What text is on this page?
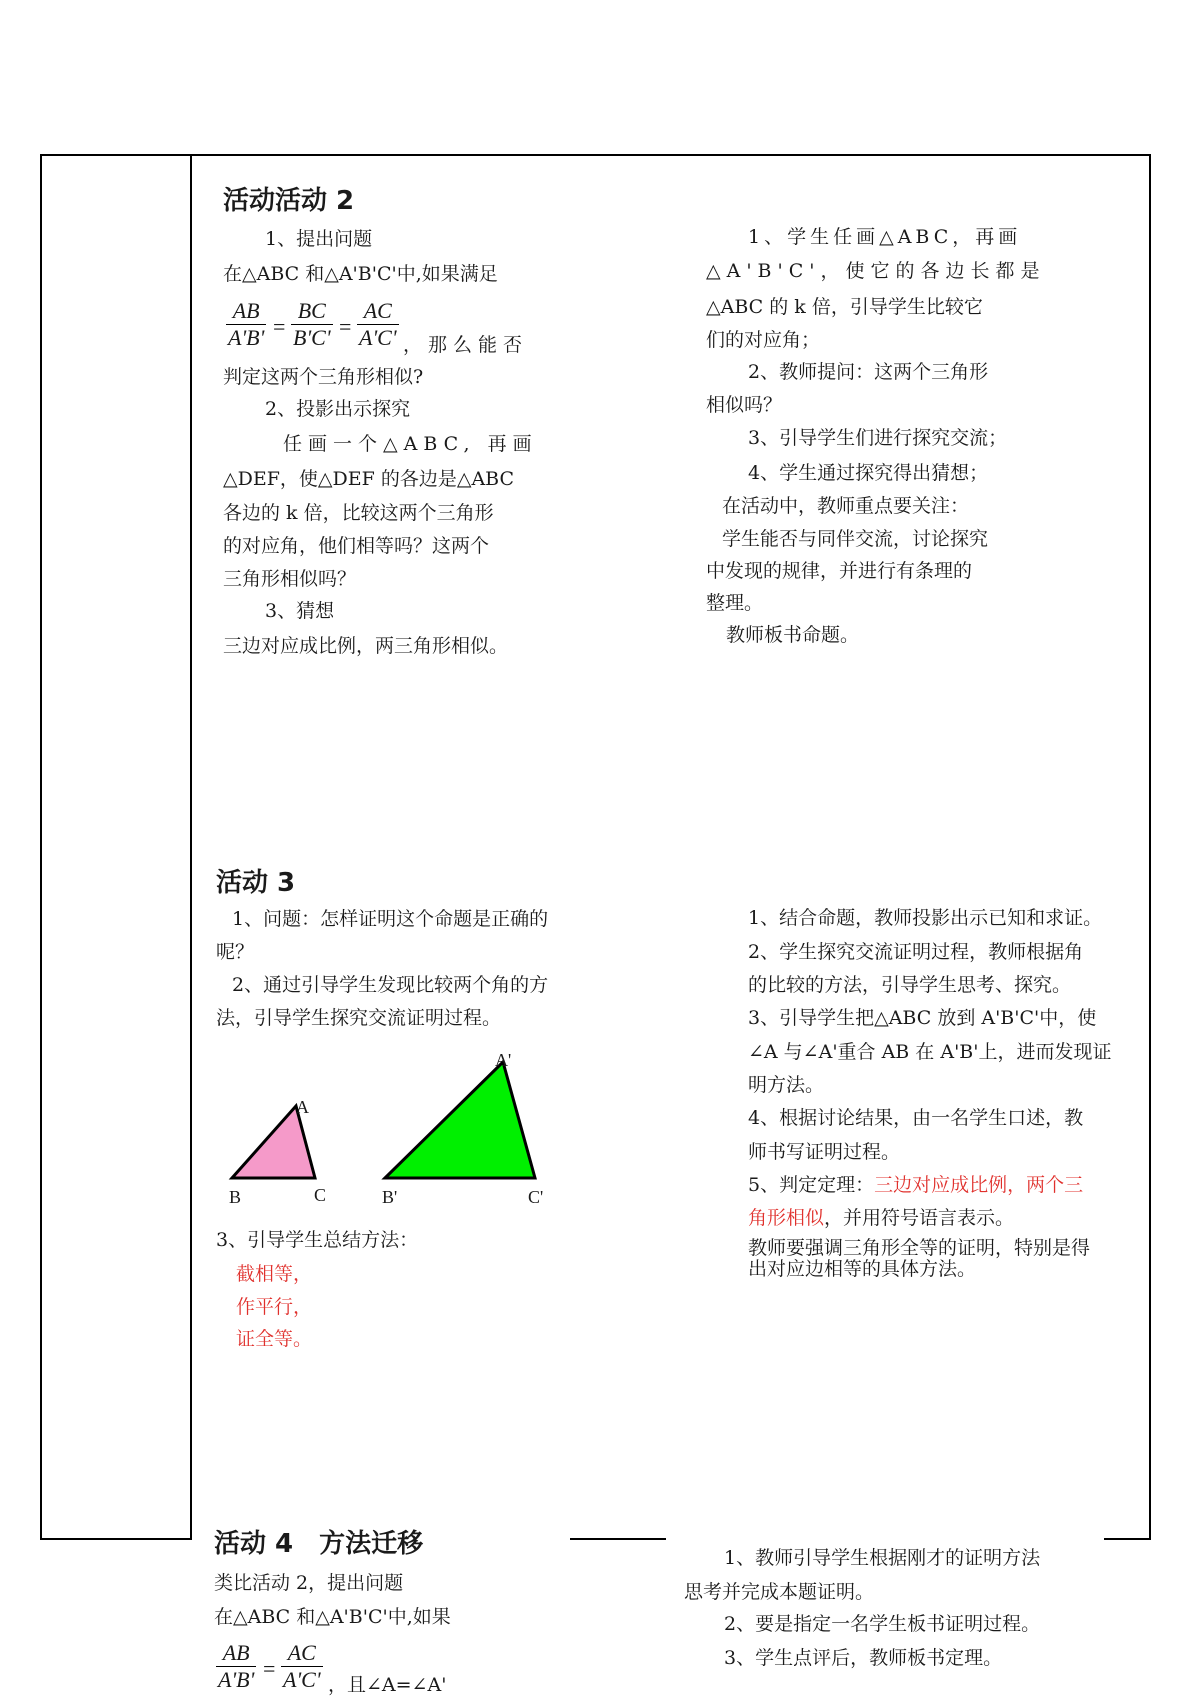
活动活动 2
1、提出问题
在△ABC 和△A'B'C'中,如果满足
$\frac{AB}{A'B'} = \frac{BC}{B'C'} = \frac{AC}{A'C'}$ ，那么能否
判定这两个三角形相似?
2、投影出示探究
任画一个△ABC, 再画
△DEF，使△DEF 的各边是△ABC
各边的 k 倍，比较这两个三角形
的对应角，他们相等吗？这两个
三角形相似吗？
3、猜想
三边对应成比例，两三角形相似。
1、学生任画△ABC，再画
△A'B'C'，使它的各边长都是
△ABC 的 k 倍，引导学生比较它
们的对应角；
2、教师提问：这两个三角形
相似吗？
3、引导学生们进行探究交流；
4、学生通过探究得出猜想；
在活动中，教师重点要关注：
学生能否与同伴交流，讨论探究
中发现的规律，并进行有条理的
整理。
教师板书命题。
活动 3
1、问题：怎样证明这个命题是正确的
呢？
2、通过引导学生发现比较两个角的方
法，引导学生探究交流证明过程。
A
B	C
A'
B'	C'
3、引导学生总结方法：
截相等，
作平行，
证全等。
1、结合命题，教师投影出示已知和求证。
2、学生探究交流证明过程，教师根据角
的比较的方法，引导学生思考、探究。
3、引导学生把△ABC 放到 A'B'C'中，使
∠A 与∠A'重合 AB 在 A'B'上，进而发现证
明方法。
4、根据讨论结果，由一名学生口述，教
师书写证明过程。
5、判定定理：三边对应成比例，两个三
角形相似，并用符号语言表示。
教师要强调三角形全等的证明，特别是得
出对应边相等的具体方法。
活动 4　方法迁移
类比活动 2，提出问题
在△ABC 和△A'B'C'中,如果
$\frac{AB}{A'B'} = \frac{AC}{A'C'}$ ，且∠A=∠A'
1、教师引导学生根据刚才的证明方法
思考并完成本题证明。
2、要是指定一名学生板书证明过程。
3、学生点评后，教师板书定理。
